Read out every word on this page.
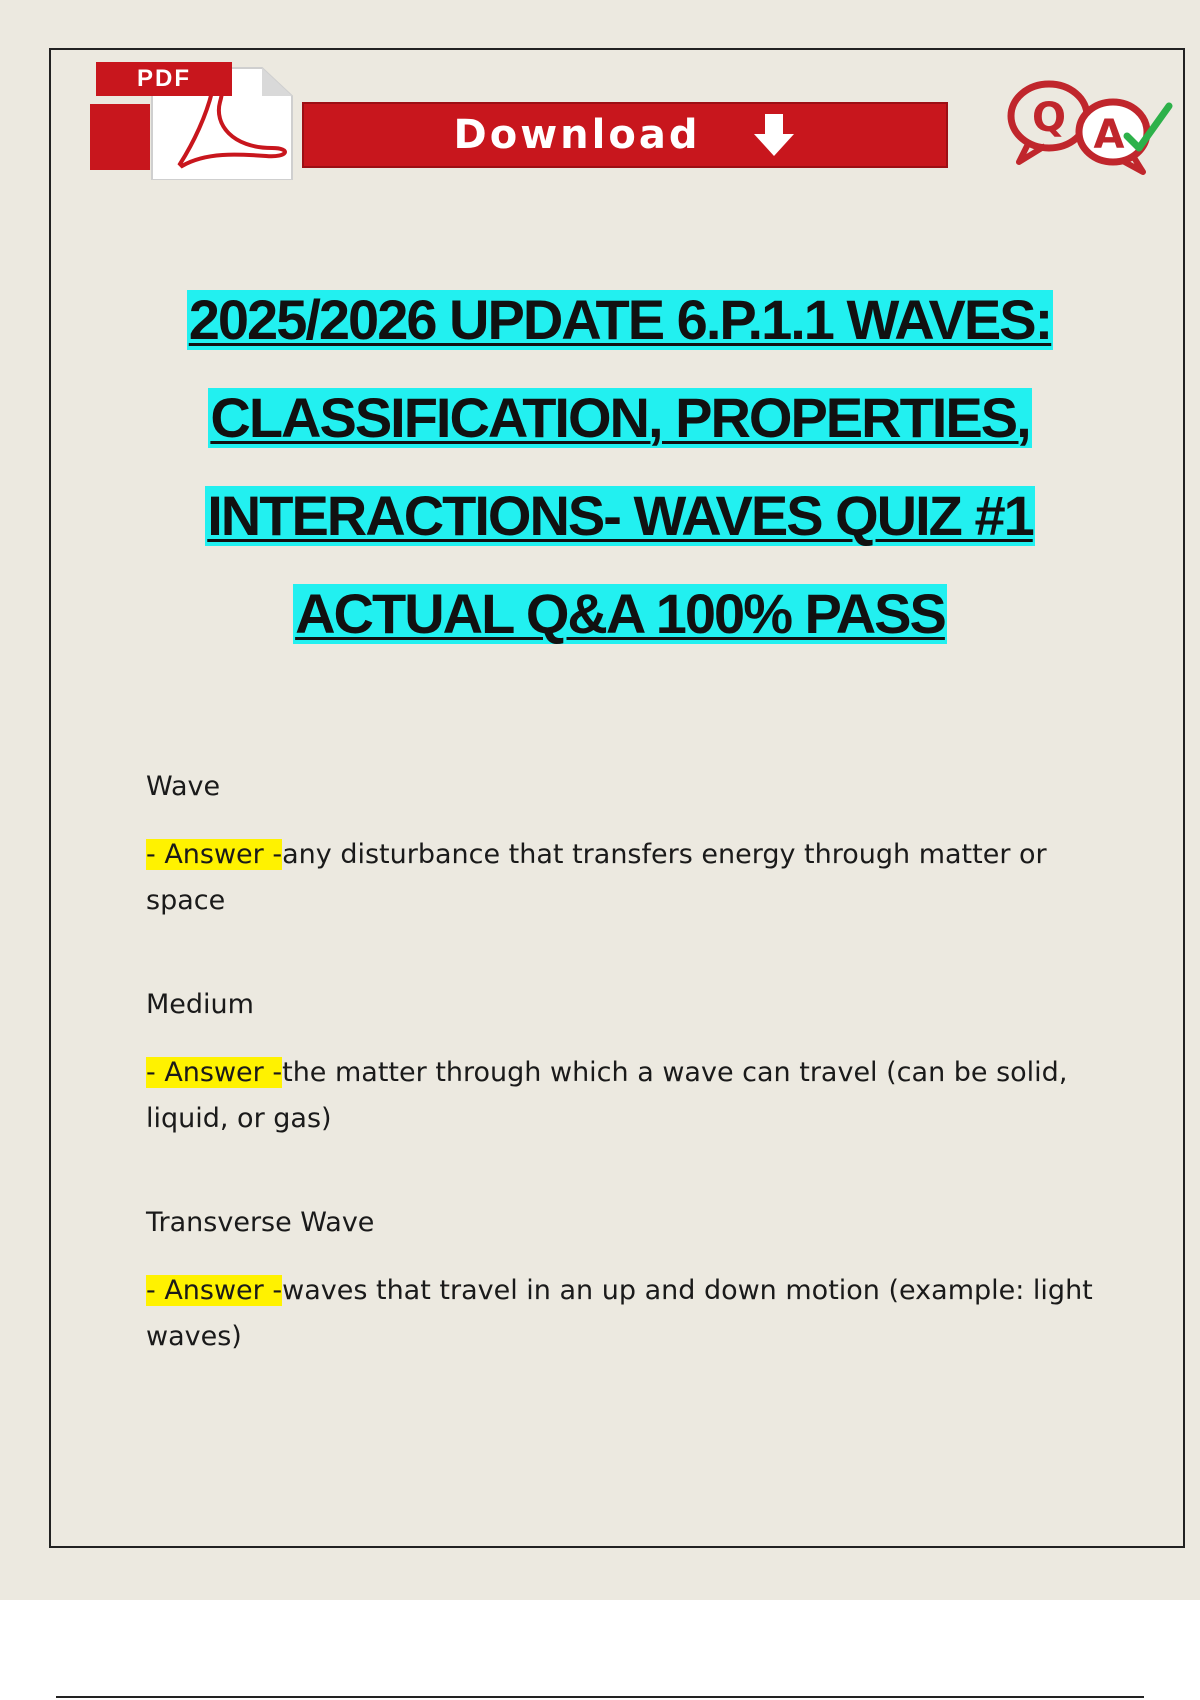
PDF
Download	Q A
2025/2026 UPDATE 6.P.1.1 WAVES:
CLASSIFICATION, PROPERTIES,
INTERACTIONS- WAVES QUIZ #1
ACTUAL Q&A 100% PASS

Wave

- Answer -any disturbance that transfers energy through matter or space

Medium

- Answer -the matter through which a wave can travel (can be solid, liquid, or gas)

Transverse Wave

- Answer -waves that travel in an up and down motion (example: light waves)
